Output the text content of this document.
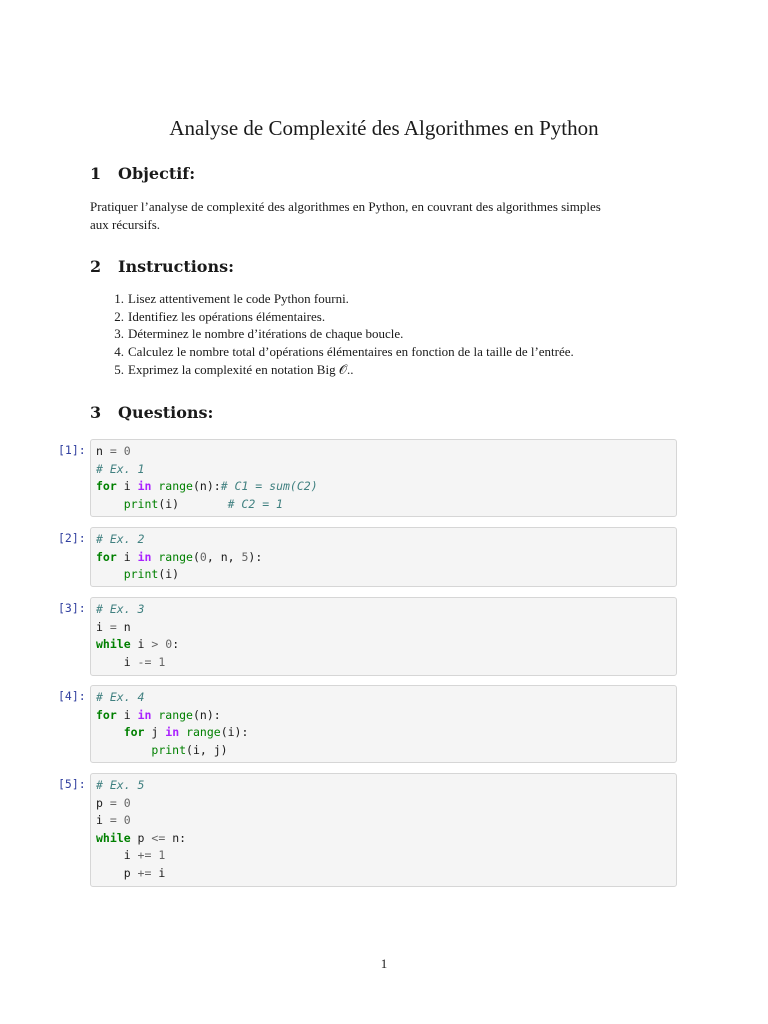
Analyse de Complexité des Algorithmes en Python
1 Objectif:
Pratiquer l’analyse de complexité des algorithmes en Python, en couvrant des algorithmes simples
aux récursifs.
2 Instructions:
1. Lisez attentivement le code Python fourni.
2. Identifiez les opérations élémentaires.
3. Déterminez le nombre d’itérations de chaque boucle.
4. Calculez le nombre total d’opérations élémentaires en fonction de la taille de l’entrée.
5. Exprimez la complexité en notation Big 𝒪..
3 Questions:
[1]: n = 0
# Ex. 1
for i in range(n):# C1 = sum(C2)
print(i)       # C2 = 1
[2]: # Ex. 2
for i in range(0, n, 5):
print(i)
[3]: # Ex. 3
i = n
while i > 0:
i -= 1
[4]: # Ex. 4
for i in range(n):
for j in range(i):
print(i, j)
[5]: # Ex. 5
p = 0
i = 0
while p <= n:
i += 1
p += i
1
